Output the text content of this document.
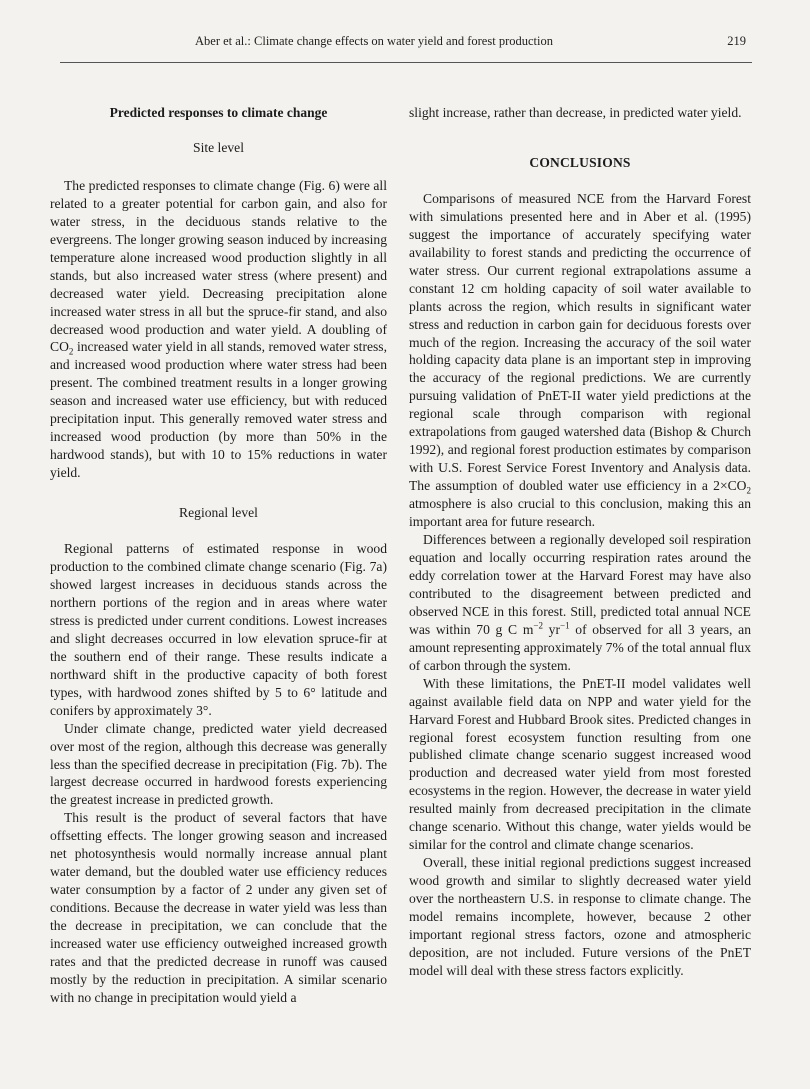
Aber et al.: Climate change effects on water yield and forest production	219
Predicted responses to climate change
Site level

The predicted responses to climate change (Fig. 6) were all related to a greater potential for carbon gain, and also for water stress, in the deciduous stands relative to the evergreens. The longer growing season induced by increasing temperature alone increased wood production slightly in all stands, but also increased water stress (where present) and decreased water yield. Decreasing precipitation alone increased water stress in all but the spruce-fir stand, and also decreased wood production and water yield. A doubling of $CO_2$ increased water yield in all stands, removed water stress, and increased wood production where water stress had been present. The combined treatment results in a longer growing season and increased water use efficiency, but with reduced precipitation input. This generally removed water stress and increased wood production (by more than 50% in the hardwood stands), but with 10 to 15% reductions in water yield.

Regional level

Regional patterns of estimated response in wood production to the combined climate change scenario (Fig. 7a) showed largest increases in deciduous stands across the northern portions of the region and in areas where water stress is predicted under current conditions. Lowest increases and slight decreases occurred in low elevation spruce-fir at the southern end of their range. These results indicate a northward shift in the productive capacity of both forest types, with hardwood zones shifted by 5 to 6° latitude and conifers by approximately 3°.

Under climate change, predicted water yield decreased over most of the region, although this decrease was generally less than the specified decrease in precipitation (Fig. 7b). The largest decrease occurred in hardwood forests experiencing the greatest increase in predicted growth.

This result is the product of several factors that have offsetting effects. The longer growing season and increased net photosynthesis would normally increase annual plant water demand, but the doubled water use efficiency reduces water consumption by a factor of 2 under any given set of conditions. Because the decrease in water yield was less than the decrease in precipitation, we can conclude that the increased water use efficiency outweighed increased growth rates and that the predicted decrease in runoff was caused mostly by the reduction in precipitation. A similar scenario with no change in precipitation would yield a

slight increase, rather than decrease, in predicted water yield.

CONCLUSIONS

Comparisons of measured NCE from the Harvard Forest with simulations presented here and in Aber et al. (1995) suggest the importance of accurately specifying water availability to forest stands and predicting the occurrence of water stress. Our current regional extrapolations assume a constant 12 cm holding capacity of soil water available to plants across the region, which results in significant water stress and reduction in carbon gain for deciduous forests over much of the region. Increasing the accuracy of the soil water holding capacity data plane is an important step in improving the accuracy of the regional predictions. We are currently pursuing validation of PnET-II water yield predictions at the regional scale through comparison with regional extrapolations from gauged watershed data (Bishop & Church 1992), and regional forest production estimates by comparison with U.S. Forest Service Forest Inventory and Analysis data. The assumption of doubled water use efficiency in a $2\times CO_2$ atmosphere is also crucial to this conclusion, making this an important area for future research.

Differences between a regionally developed soil respiration equation and locally occurring respiration rates around the eddy correlation tower at the Harvard Forest may have also contributed to the disagreement between predicted and observed NCE in this forest. Still, predicted total annual NCE was within 70 g C $m^{-2}$ $yr^{-1}$ of observed for all 3 years, an amount representing approximately 7% of the total annual flux of carbon through the system.

With these limitations, the PnET-II model validates well against available field data on NPP and water yield for the Harvard Forest and Hubbard Brook sites. Predicted changes in regional forest ecosystem function resulting from one published climate change scenario suggest increased wood production and decreased water yield from most forested ecosystems in the region. However, the decrease in water yield resulted mainly from decreased precipitation in the climate change scenario. Without this change, water yields would be similar for the control and climate change scenarios.

Overall, these initial regional predictions suggest increased wood growth and similar to slightly decreased water yield over the northeastern U.S. in response to climate change. The model remains incomplete, however, because 2 other important regional stress factors, ozone and atmospheric deposition, are not included. Future versions of the PnET model will deal with these stress factors explicitly.
